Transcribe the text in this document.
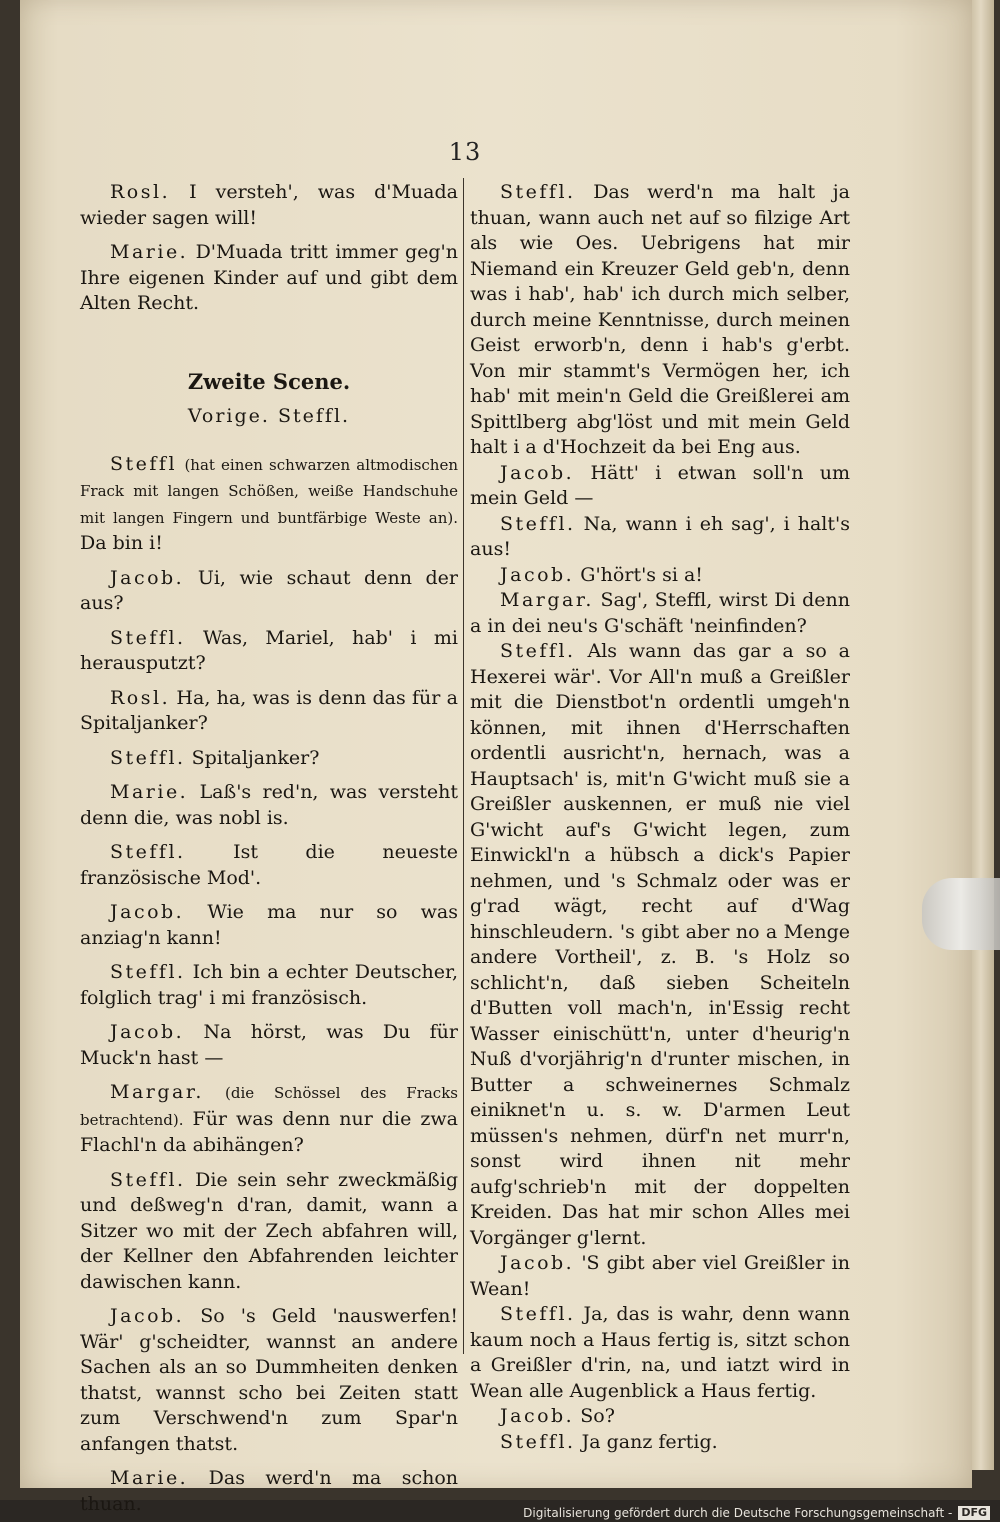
13

Rosl. I versteh', was d'Muada wieder sagen will!

Marie. D'Muada tritt immer geg'n Ihre eigenen Kinder auf und gibt dem Alten Recht.

Zweite Scene.

Vorige. Steffl.

Steffl (hat einen schwarzen altmodischen Frack mit langen Schößen, weiße Handschuhe mit langen Fingern und buntfärbige Weste an). Da bin i!

Jacob. Ui, wie schaut denn der aus?

Steffl. Was, Mariel, hab' i mi herausputzt?

Rosl. Ha, ha, was is denn das für a Spitaljanker?

Steffl. Spitaljanker?

Marie. Laß's red'n, was versteht denn die, was nobl is.

Steffl. Ist die neueste französische Mod'.

Jacob. Wie ma nur so was anziag'n kann!

Steffl. Ich bin a echter Deutscher, folglich trag' i mi französisch.

Jacob. Na hörst, was Du für Muck'n hast —

Margar. (die Schössel des Fracks betrachtend). Für was denn nur die zwa Flachl'n da abihängen?

Steffl. Die sein sehr zweckmäßig und deßweg'n d'ran, damit, wann a Sitzer wo mit der Zech abfahren will, der Kellner den Abfahrenden leichter dawischen kann.

Jacob. So 's Geld 'nauswerfen! Wär' g'scheidter, wannst an andere Sachen als an so Dummheiten denken thatst, wannst scho bei Zeiten statt zum Verschwend'n zum Spar'n anfangen thatst.

Marie. Das werd'n ma schon thuan.

Steffl. Das werd'n ma halt ja thuan, wann auch net auf so filzige Art als wie Oes. Uebrigens hat mir Niemand ein Kreuzer Geld geb'n, denn was i hab', hab' ich durch mich selber, durch meine Kenntnisse, durch meinen Geist erworb'n, denn i hab's g'erbt. Von mir stammt's Vermögen her, ich hab' mit mein'n Geld die Greißlerei am Spittlberg abg'löst und mit mein Geld halt i a d'Hochzeit da bei Eng aus.

Jacob. Hätt' i etwan soll'n um mein Geld —

Steffl. Na, wann i eh sag', i halt's aus!

Jacob. G'hört's si a!

Margar. Sag', Steffl, wirst Di denn a in dei neu's G'schäft 'neinfinden?

Steffl. Als wann das gar a so a Hexerei wär'. Vor All'n muß a Greißler mit die Dienstbot'n ordentli umgeh'n können, mit ihnen d'Herrschaften ordentli ausricht'n, hernach, was a Hauptsach' is, mit'n G'wicht muß sie a Greißler auskennen, er muß nie viel G'wicht auf's G'wicht legen, zum Einwickl'n a hübsch a dick's Papier nehmen, und 's Schmalz oder was er g'rad wägt, recht auf d'Wag hinschleudern. 's gibt aber no a Menge andere Vortheil', z. B. 's Holz so schlicht'n, daß sieben Scheiteln d'Butten voll mach'n, in'Essig recht Wasser einischütt'n, unter d'heurig'n Nuß d'vorjährig'n d'runter mischen, in Butter a schweinernes Schmalz einiknet'n u. s. w. D'armen Leut müssen's nehmen, dürf'n net murr'n, sonst wird ihnen nit mehr aufg'schrieb'n mit der doppelten Kreiden. Das hat mir schon Alles mei Vorgänger g'lernt.

Jacob. 'S gibt aber viel Greißler in Wean!

Steffl. Ja, das is wahr, denn wann kaum noch a Haus fertig is, sitzt schon a Greißler d'rin, na, und iatzt wird in Wean alle Augenblick a Haus fertig.

Jacob. So?

Steffl. Ja ganz fertig.

Digitalisierung gefördert durch die Deutsche Forschungsgemeinschaft - DFG
